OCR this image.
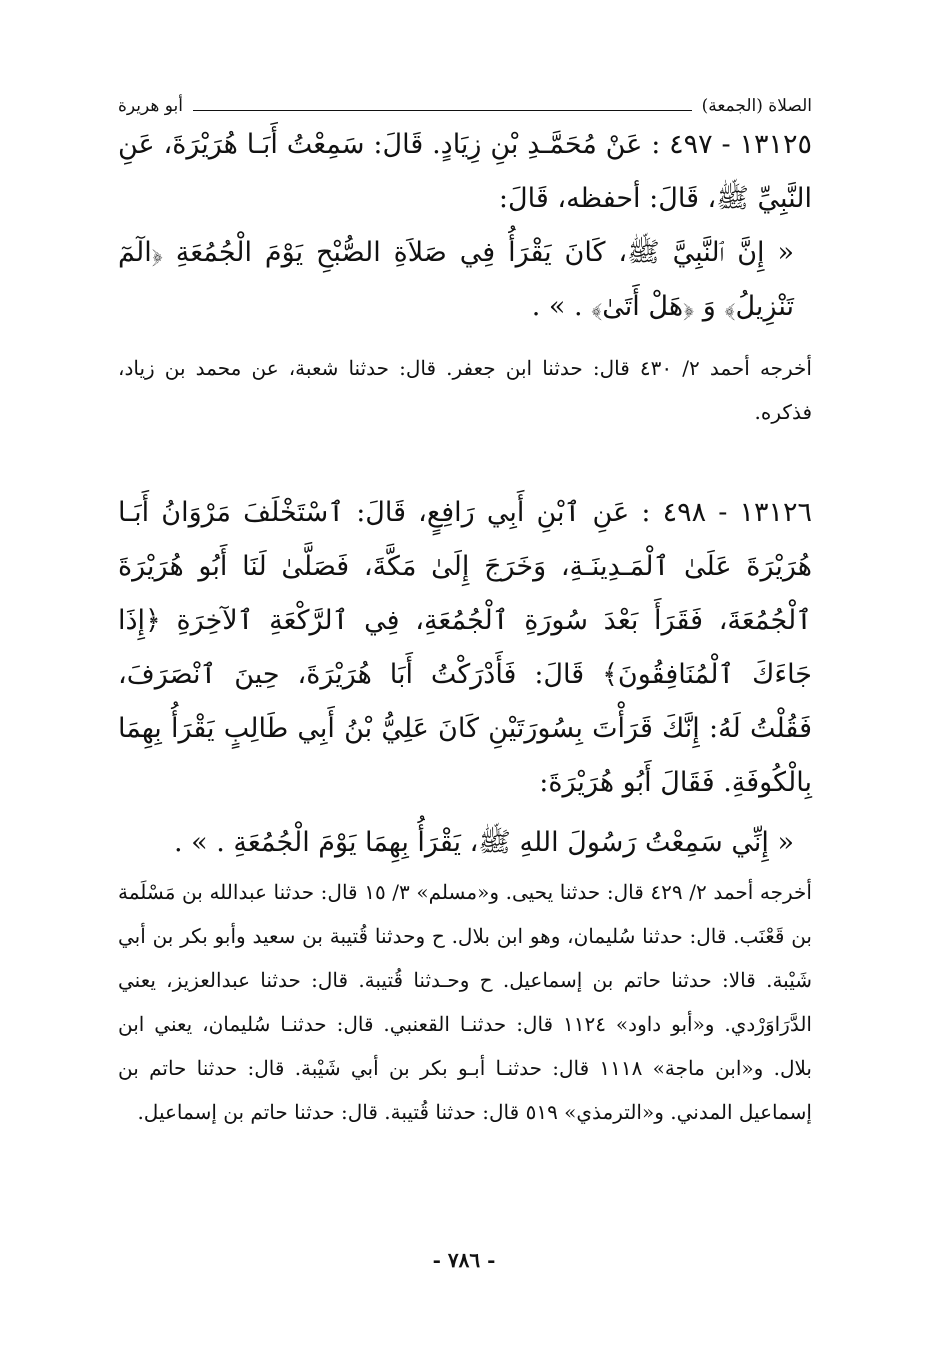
الصلاة (الجمعة)
أبو هريرة

١٣١٢٥ - ٤٩٧ : عَنْ مُحَمَّـدِ بْنِ زِيَادٍ. قَالَ: سَمِعْتُ أَبَـا هُرَيْرَةَ، عَنِ النَّبِيِّ ﷺ، قَالَ: أحفظه، قَالَ:

« إِنَّ ٱلنَّبِيَّ ﷺ، كَانَ يَقْرَأُ فِي صَلاَةِ الصُّبْحِ يَوْمَ الْجُمُعَةِ ﴿الٓمٓ تَنْزِيلُ﴾ وَ ﴿هَلْ أَتَىٰ﴾ . » .

أخرجه أحمد ٢/ ٤٣٠ قال: حدثنا ابن جعفر. قال: حدثنا شعبة، عن محمد بن زياد، فذكره.

١٣١٢٦ - ٤٩٨ : عَنِ ٱبْنِ أَبِي رَافِعٍ، قَالَ: ٱسْتَخْلَفَ مَرْوَانُ أَبَـا هُرَيْرَةَ عَلَىٰ ٱلْمَـدِينَـةِ، وَخَرَجَ إِلَىٰ مَكَّةَ، فَصَلَّىٰ لَنَا أَبُو هُرَيْرَةَ ٱلْجُمُعَةَ، فَقَرَأَ بَعْدَ سُورَةِ ٱلْجُمُعَةِ، فِي ٱلرَّكْعَةِ ٱلآخِرَةِ ﴿إِذَا جَاءَكَ ٱلْمُنَافِقُونَ﴾ قَالَ: فَأَدْرَكْتُ أَبَا هُرَيْرَةَ، حِينَ ٱنْصَرَفَ، فَقُلْتُ لَهُ: إِنَّكَ قَرَأْتَ بِسُورَتَيْنِ كَانَ عَلِيُّ بْنُ أَبِي طَالِبٍ يَقْرَأُ بِهِمَا بِالْكُوفَةِ. فَقَالَ أَبُو هُرَيْرَةَ:

« إِنِّي سَمِعْتُ رَسُولَ اللهِ ﷺ، يَقْرَأُ بِهِمَا يَوْمَ الْجُمُعَةِ . » .

أخرجه أحمد ٢/ ٤٢٩ قال: حدثنا يحيى. و«مسلم» ٣/ ١٥ قال: حدثنا عبدالله بن مَسْلَمة بن قَعْنَب. قال: حدثنا سُليمان، وهو ابن بلال. ح وحدثنا قُتيبة بن سعيد وأبو بكر بن أبي شَيْبة. قالا: حدثنا حاتم بن إسماعيل. ح وحـدثنا قُتيبة. قال: حدثنا عبدالعزيز، يعني الدَّرَاوَرْدي. و«أبو داود» ١١٢٤ قال: حدثنـا القعنبي. قال: حدثنـا سُليمان، يعني ابن بلال. و«ابن ماجة» ١١١٨ قال: حدثنـا أبـو بكر بن أبي شَيْبة. قال: حدثنا حاتم بن إسماعيل المدني. و«الترمذي» ٥١٩ قال: حدثنا قُتيبة. قال: حدثنا حاتم بن إسماعيل.

- ٧٨٦ -
